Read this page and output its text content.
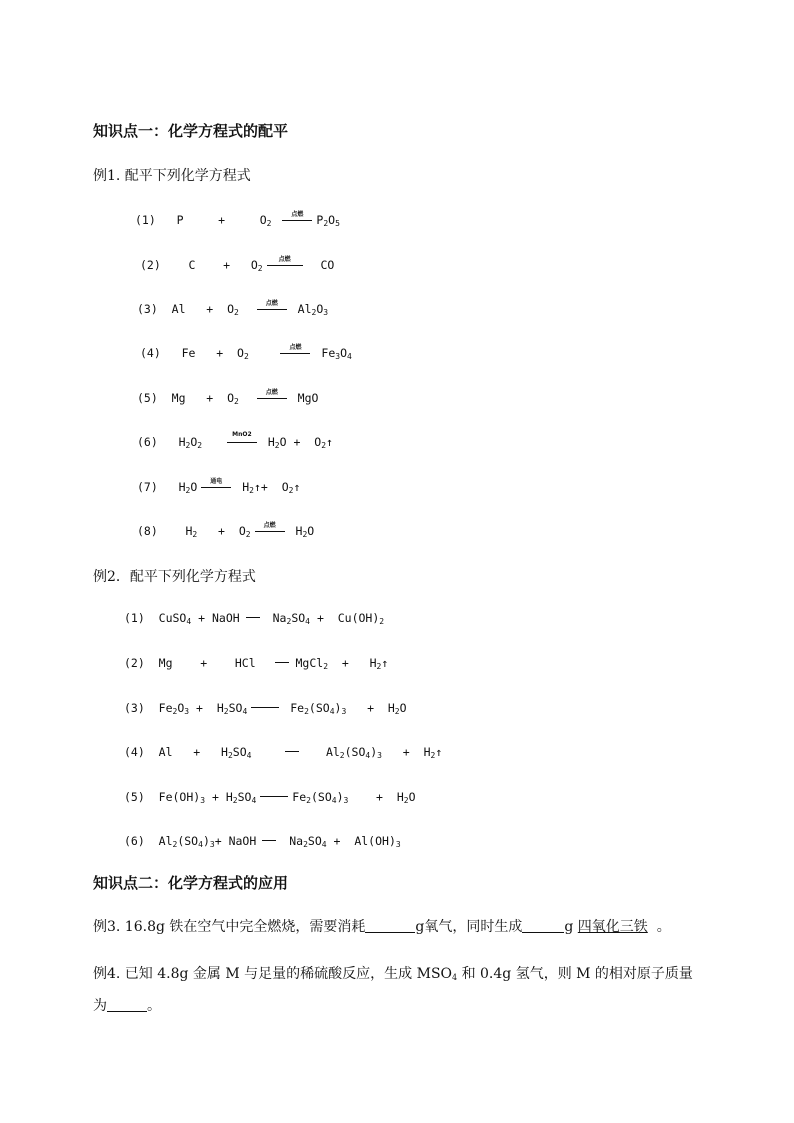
知识点一：化学方程式的配平
例1. 配平下列化学方程式
(1) P	+	$O_2$
点燃	$P_2O_5$
(2) $C + O_2$
点燃	CO
(3) $Al + O_2$
点燃	$Al_2O_3$
(4) $Fe + O_2$
点燃	$Fe_3O_4$
(5) $Mg + O_2$
点燃	MgO
(6) $H_2O_2$
MnO2
$H_2O$ + $O_2↑$
(7) $H_2O$	通电	$H_2↑+$ $O_2↑$
(8) $H_2 + O_2$
点燃	$H_2O$
例2．配平下列化学方程式
(1) CuSO$_4$ + NaOH	$Na_2SO_4 + Cu(OH)_2$
(2) Mg + HCl	MgCl$_2$ + $H_2↑$
(3) $Fe_2O_3 + H_2SO_4$	$Fe_2(SO_4)_3 + H_2O$
(4) $Al + H_2SO_4$	$Al_2(SO_4)_3$ + $H_2↑$
(5) $Fe(OH)_3 + H_2SO_4$	$Fe_2(SO_4)_3 + H_2O$
(6) $Al_2(SO_4)_3+$ NaOH	$Na_2SO_4 + Al(OH)_3$
知识点二：化学方程式的应用
例3. 16.8g 铁在空气中完全燃烧，需要消耗	g氧气，同时生成	g 四氧化三铁 。
例4. 已知 4.8g 金属 M 与足量的稀硫酸反应，生成 $MSO_4$ 和 0.4g 氢气，则 M 的相对原子质量
为	。
